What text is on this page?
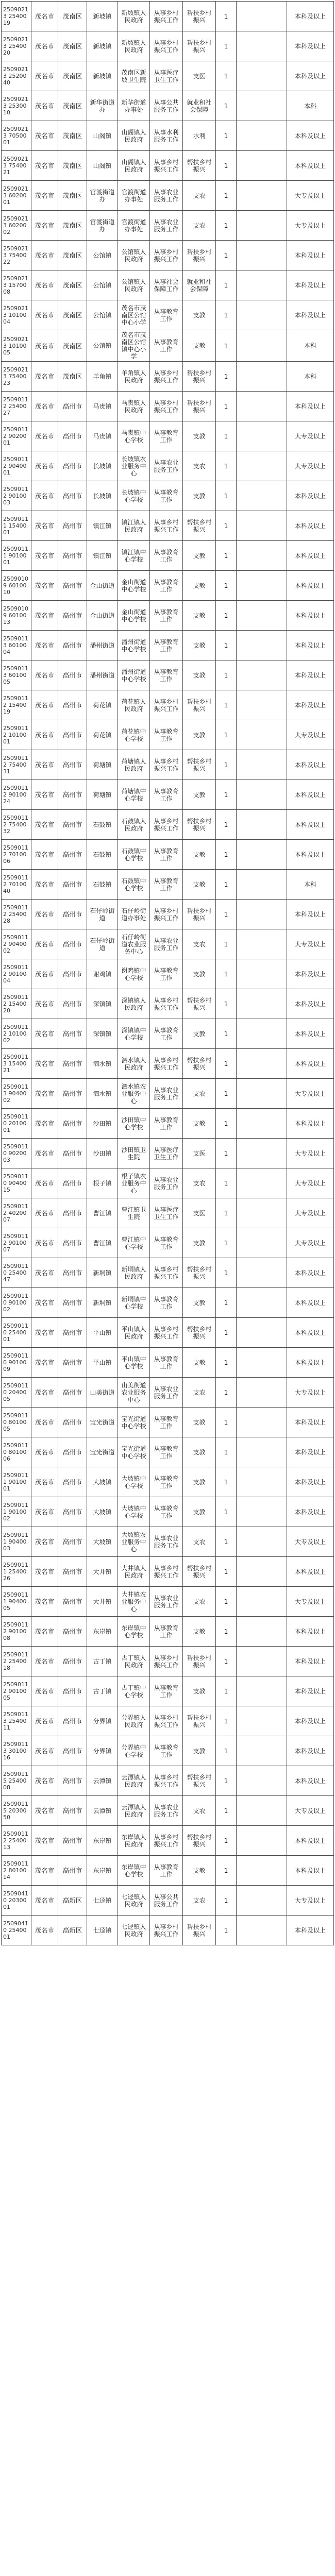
25090213 2540019	茂名市	茂南区	新坡镇	新坡镇人民政府	从事乡村振兴工作	帮扶乡村振兴	1		本科及以上
25090213 2540020	茂名市	茂南区	新坡镇	新坡镇人民政府	从事乡村振兴工作	帮扶乡村振兴	1		本科及以上
25090213 2520040	茂名市	茂南区	新坡镇	茂南区新坡卫生院	从事医疗卫生工作	支医	1		本科及以上
25090213 2530010	茂名市	茂南区	新华街道办	新华街道办事处	从事公共服务工作	就业和社会保障	1		本科
25090213 7050001	茂名市	茂南区	山阁镇	山阁镇人民政府	从事水利服务工作	水利	1		本科及以上
25090213 7540021	茂名市	茂南区	山阁镇	山阁镇人民政府	从事乡村振兴工作	帮扶乡村振兴	1		本科及以上
25090213 6020001	茂名市	茂南区	官渡街道办	官渡街道办事处	从事农业服务工作	支农	1		大专及以上
25090213 6020002	茂名市	茂南区	官渡街道办	官渡街道办事处	从事农业服务工作	支农	1		大专及以上
25090213 7540022	茂名市	茂南区	公馆镇	公馆镇人民政府	从事乡村振兴工作	帮扶乡村振兴	1		本科及以上
25090213 1570008	茂名市	茂南区	公馆镇	公馆镇人民政府	从事社会保障工作	就业和社会保障	1		本科及以上
25090213 1010004	茂名市	茂南区	公馆镇	茂名市茂南区公馆中心小学	从事教育工作	支教	1		本科及以上
25090213 1010005	茂名市	茂南区	公馆镇	茂名市茂南区公馆镇中心小学	从事教育工作	支教	1		本科
25090213 7540023	茂名市	茂南区	羊角镇	羊角镇人民政府	从事乡村振兴工作	帮扶乡村振兴	1		本科
25090112 2540027	茂名市	高州市	马贵镇	马贵镇人民政府	从事乡村振兴工作	帮扶乡村振兴	1		本科及以上
25090112 9020001	茂名市	高州市	马贵镇	马贵镇中心学校	从事教育工作	支教	1		大专及以上
25090112 9040001	茂名市	高州市	长坡镇	长坡镇农业服务中心	从事农业服务工作	支农	1		大专及以上
25090112 9010003	茂名市	高州市	长坡镇	长坡镇中心学校	从事教育工作	支教	1		本科及以上
25090111 1540001	茂名市	高州市	镇江镇	镇江镇人民政府	从事乡村振兴工作	帮扶乡村振兴	1		本科及以上
25090111 9010001	茂名市	高州市	镇江镇	镇江镇中心学校	从事教育工作	支教	1		本科及以上
25090109 6010010	茂名市	高州市	金山街道	金山街道中心学校	从事教育工作	支教	1		本科及以上
25090109 6010013	茂名市	高州市	金山街道	金山街道中心学校	从事教育工作	支教	1		本科及以上
25090113 6010004	茂名市	高州市	潘州街道	潘州街道中心学校	从事教育工作	支教	1		本科及以上
25090113 6010005	茂名市	高州市	潘州街道	潘州街道中心学校	从事教育工作	支教	1		本科及以上
25090112 1540019	茂名市	高州市	荷花镇	荷花镇人民政府	从事乡村振兴工作	帮扶乡村振兴	1		本科及以上
25090112 1010001	茂名市	高州市	荷花镇	荷花镇中心学校	从事教育工作	支教	1		大专及以上
25090112 7540031	茂名市	高州市	荷塘镇	荷塘镇人民政府	从事乡村振兴工作	帮扶乡村振兴	1		本科及以上
25090112 9010024	茂名市	高州市	荷塘镇	荷塘镇中心学校	从事教育工作	支教	1		本科及以上
25090112 7540032	茂名市	高州市	石鼓镇	石鼓镇人民政府	从事乡村振兴工作	帮扶乡村振兴	1		本科及以上
25090112 7010006	茂名市	高州市	石鼓镇	石鼓镇中心学校	从事教育工作	支教	1		本科及以上
25090112 7010040	茂名市	高州市	石鼓镇	石鼓镇中心学校	从事教育工作	支教	1		本科
25090112 2540028	茂名市	高州市	石仔岭街道	石仔岭街道办事处	从事乡村振兴工作	帮扶乡村振兴	1		本科及以上
25090112 9040002	茂名市	高州市	石仔岭街道	石仔岭街道农业服务中心	从事农业服务工作	支农	1		大专及以上
25090112 9010004	茂名市	高州市	谢鸡镇	谢鸡镇中心学校	从事教育工作	支教	1		本科及以上
25090112 1540020	茂名市	高州市	深镇镇	深镇镇人民政府	从事乡村振兴工作	帮扶乡村振兴	1		本科及以上
25090112 1010002	茂名市	高州市	深镇镇	深镇镇中心学校	从事教育工作	支教	1		本科及以上
25090113 1540021	茂名市	高州市	泗水镇	泗水镇人民政府	从事乡村振兴工作	帮扶乡村振兴	1		本科及以上
25090113 9040002	茂名市	高州市	泗水镇	泗水镇农业服务中心	从事农业服务工作	支农	1		大专及以上
25090110 2010001	茂名市	高州市	沙田镇	沙田镇中心学校	从事教育工作	支教	1		本科及以上
25090110 9020003	茂名市	高州市	沙田镇	沙田镇卫生院	从事医疗卫生工作	支医	1		大专及以上
25090110 9040015	茂名市	高州市	根子镇	根子镇农业服务中心	从事农业服务工作	支农	1		大专及以上
25090112 4020007	茂名市	高州市	曹江镇	曹江镇卫生院	从事医疗卫生工作	支医	1		大专及以上
25090112 9010007	茂名市	高州市	曹江镇	曹江镇中心学校	从事教育工作	支教	1		大专及以上
25090110 2540047	茂名市	高州市	新垌镇	新垌镇人民政府	从事乡村振兴工作	帮扶乡村振兴	1		本科及以上
25090110 9010002	茂名市	高州市	新垌镇	新垌镇中心学校	从事教育工作	支教	1		本科及以上
25090110 2540001	茂名市	高州市	平山镇	平山镇人民政府	从事乡村振兴工作	帮扶乡村振兴	1		本科及以上
25090110 9010009	茂名市	高州市	平山镇	平山镇中心学校	从事教育工作	支教	1		本科及以上
25090110 2040005	茂名市	高州市	山美街道	山美街道农业服务中心	从事农业服务工作	支农	1		大专及以上
25090110 8010005	茂名市	高州市	宝光街道	宝光街道中心学校	从事教育工作	支教	1		本科及以上
25090110 8010006	茂名市	高州市	宝光街道	宝光街道中心学校	从事教育工作	支教	1		本科及以上
25090111 9010001	茂名市	高州市	大坡镇	大坡镇中心学校	从事教育工作	支教	1		本科及以上
25090111 9010002	茂名市	高州市	大坡镇	大坡镇中心学校	从事教育工作	支教	1		本科及以上
25090111 9040003	茂名市	高州市	大坡镇	大坡镇农业服务中心	从事农业服务工作	支农	1		大专及以上
25090111 2540026	茂名市	高州市	大井镇	大井镇人民政府	从事乡村振兴工作	帮扶乡村振兴	1		本科及以上
25090111 9040005	茂名市	高州市	大井镇	大井镇农业服务中心	从事农业服务工作	支农	1		大专及以上
25090112 9010008	茂名市	高州市	东岸镇	东岸镇中心学校	从事教育工作	支教	1		本科及以上
25090112 2540018	茂名市	高州市	古丁镇	古丁镇人民政府	从事乡村振兴工作	帮扶乡村振兴	1		本科及以上
25090112 9010005	茂名市	高州市	古丁镇	古丁镇中心学校	从事教育工作	支教	1		本科及以上
25090113 2540011	茂名市	高州市	分界镇	分界镇人民政府	从事乡村振兴工作	帮扶乡村振兴	1		本科及以上
25090113 3010016	茂名市	高州市	分界镇	分界镇中心学校	从事教育工作	支教	1		本科及以上
25090115 2540008	茂名市	高州市	云潭镇	云潭镇人民政府	从事乡村振兴工作	帮扶乡村振兴	1		本科及以上
25090115 2030050	茂名市	高州市	云潭镇	云潭镇人民政府	从事农业服务工作	支农	1		大专及以上
25090112 2540013	茂名市	高州市	东岸镇	东岸镇人民政府	从事乡村振兴工作	帮扶乡村振兴	1		本科及以上
25090112 8010014	茂名市	高州市	东岸镇	东岸镇中心学校	从事教育工作	支教	1		本科及以上
25090410 2030001	茂名市	高新区	七迳镇	七迳镇人民政府	从事公共服务工作	支农	1		大专及以上
25090410 2540001	茂名市	高新区	七迳镇	七迳镇人民政府	从事乡村振兴工作	帮扶乡村振兴	1		本科及以上
